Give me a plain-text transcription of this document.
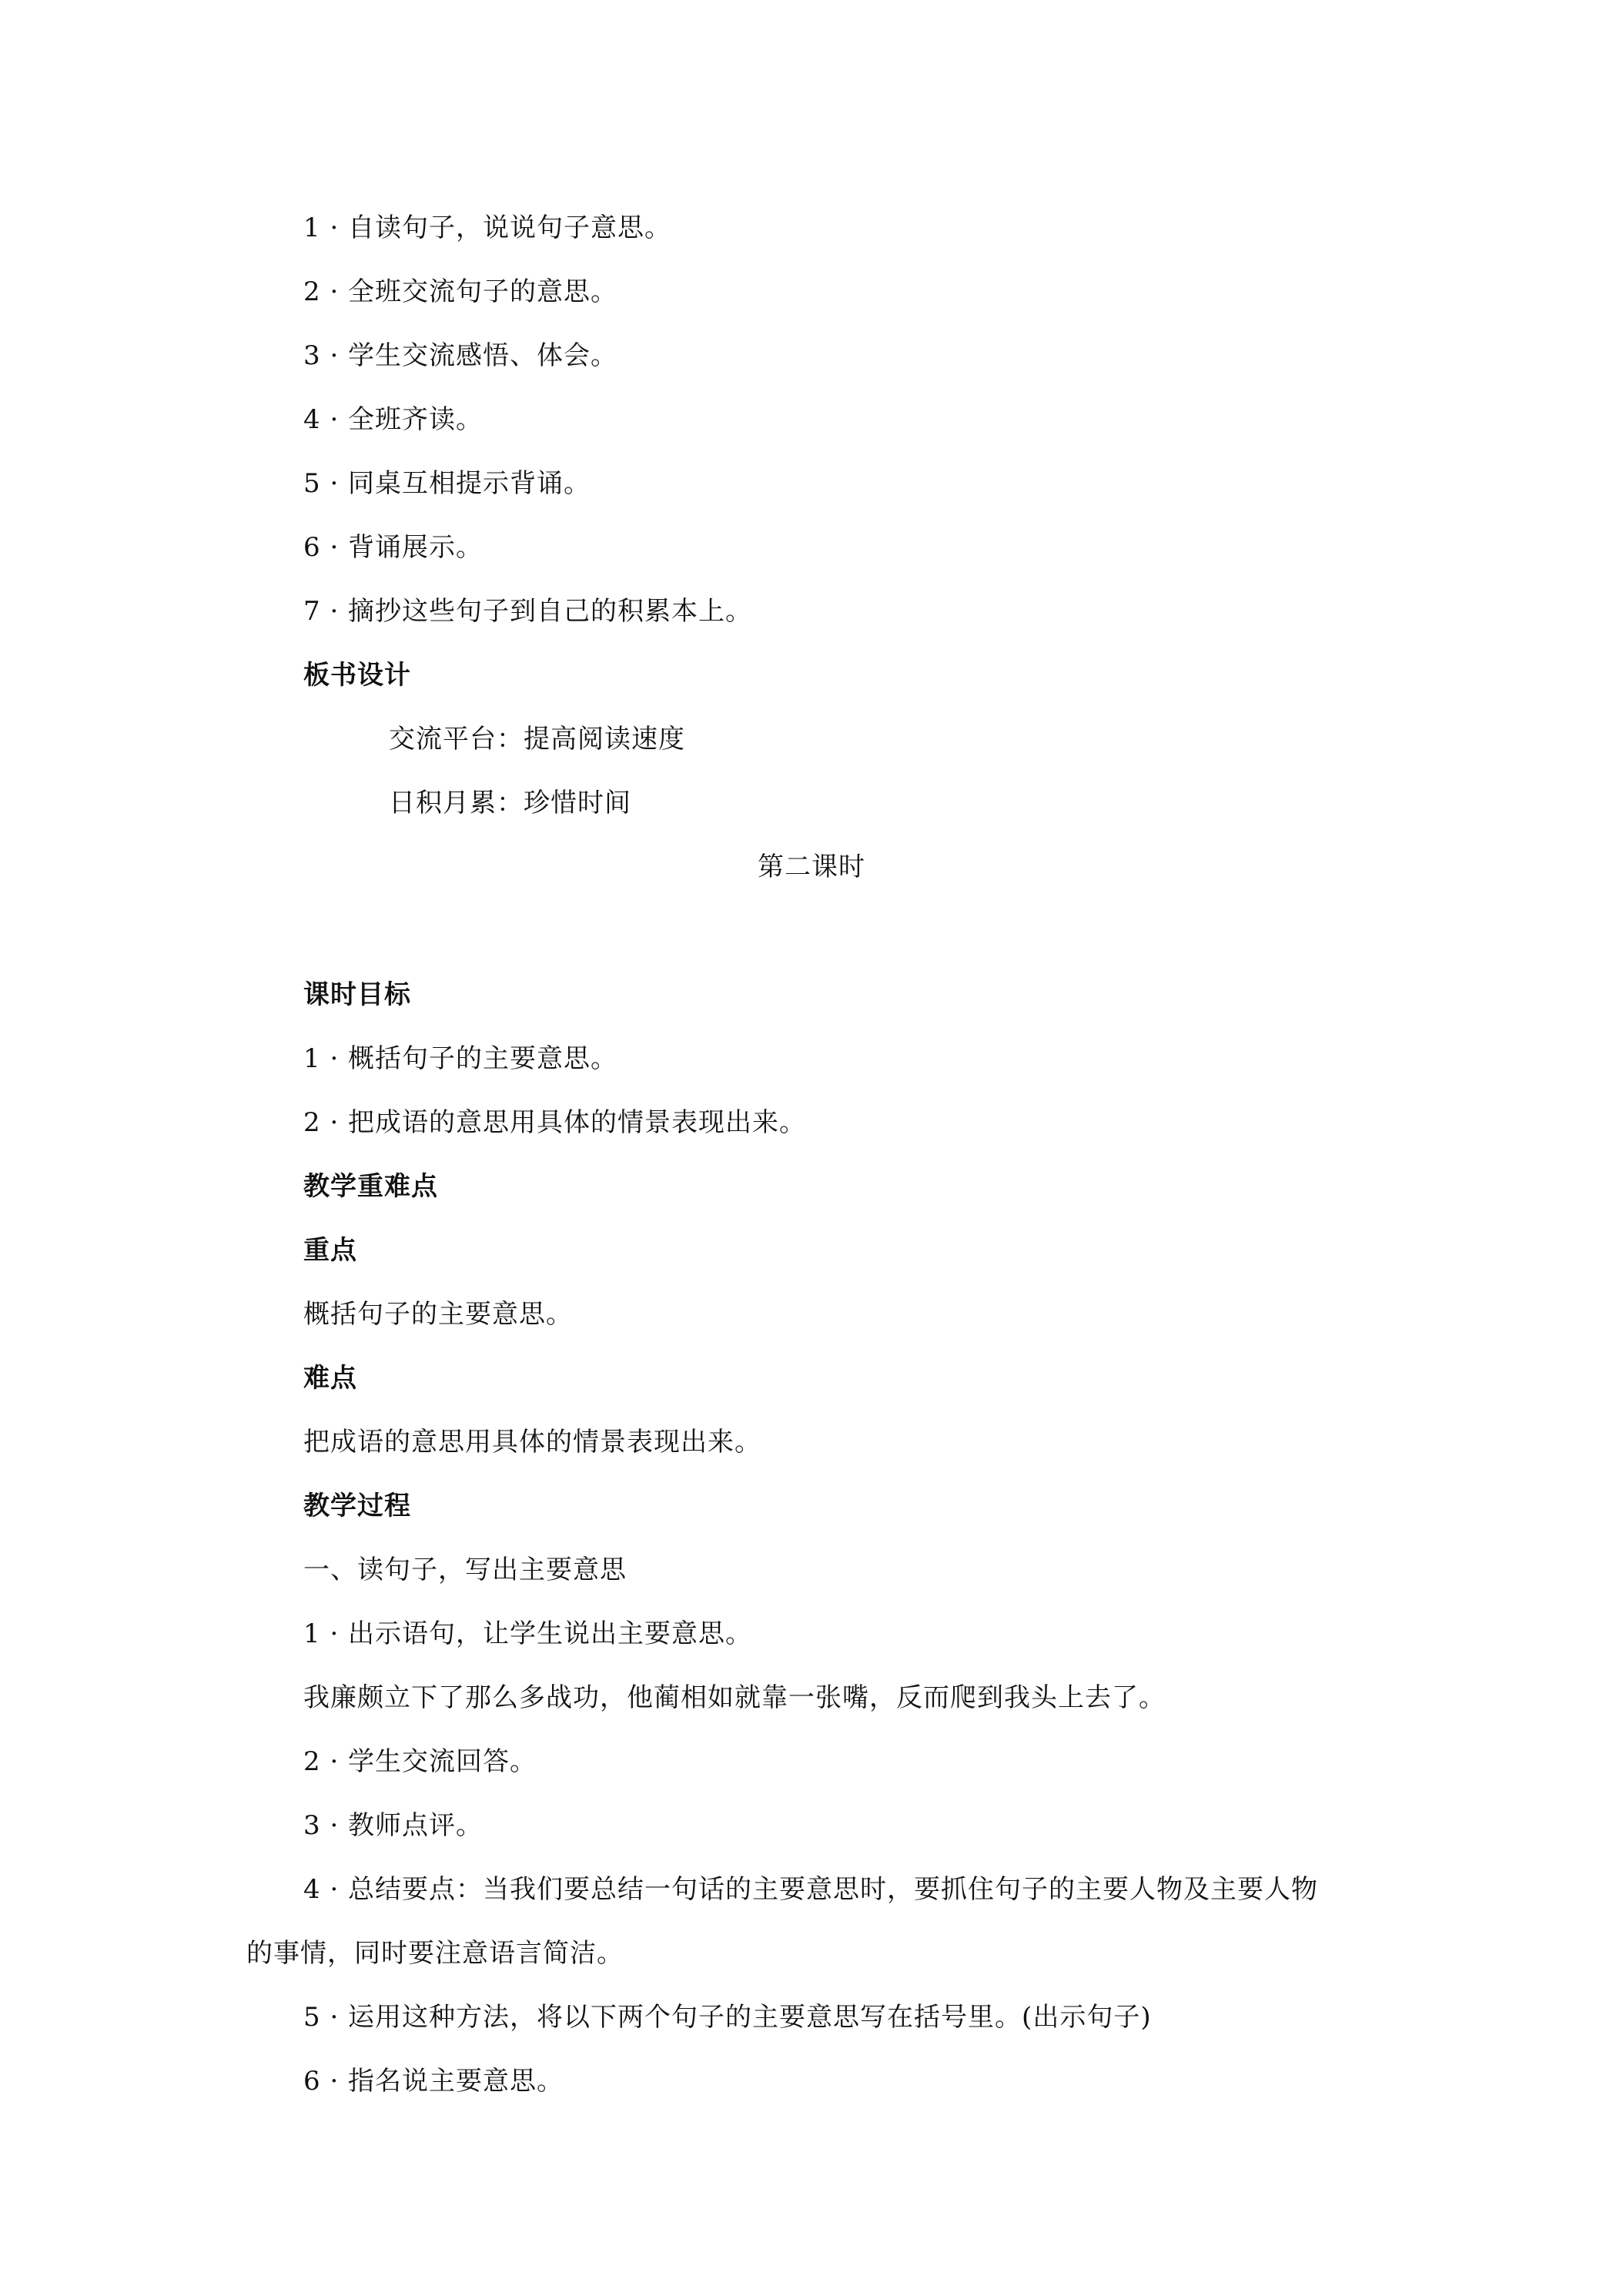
1 · 自读句子，说说句子意思。
2 · 全班交流句子的意思。
3 · 学生交流感悟、体会。
4 · 全班齐读。
5 · 同桌互相提示背诵。
6 · 背诵展示。
7 · 摘抄这些句子到自己的积累本上。
板书设计
交流平台：提高阅读速度
日积月累：珍惜时间
第二课时
课时目标
1 · 概括句子的主要意思。
2 · 把成语的意思用具体的情景表现出来。
教学重难点
重点
概括句子的主要意思。
难点
把成语的意思用具体的情景表现出来。
教学过程
一、读句子，写出主要意思
1 · 出示语句，让学生说出主要意思。
我廉颇立下了那么多战功，他蔺相如就靠一张嘴，反而爬到我头上去了。
2 · 学生交流回答。
3 · 教师点评。
4 · 总结要点：当我们要总结一句话的主要意思时，要抓住句子的主要人物及主要人物
的事情，同时要注意语言简洁。
5 · 运用这种方法，将以下两个句子的主要意思写在括号里。(出示句子)
6 · 指名说主要意思。
